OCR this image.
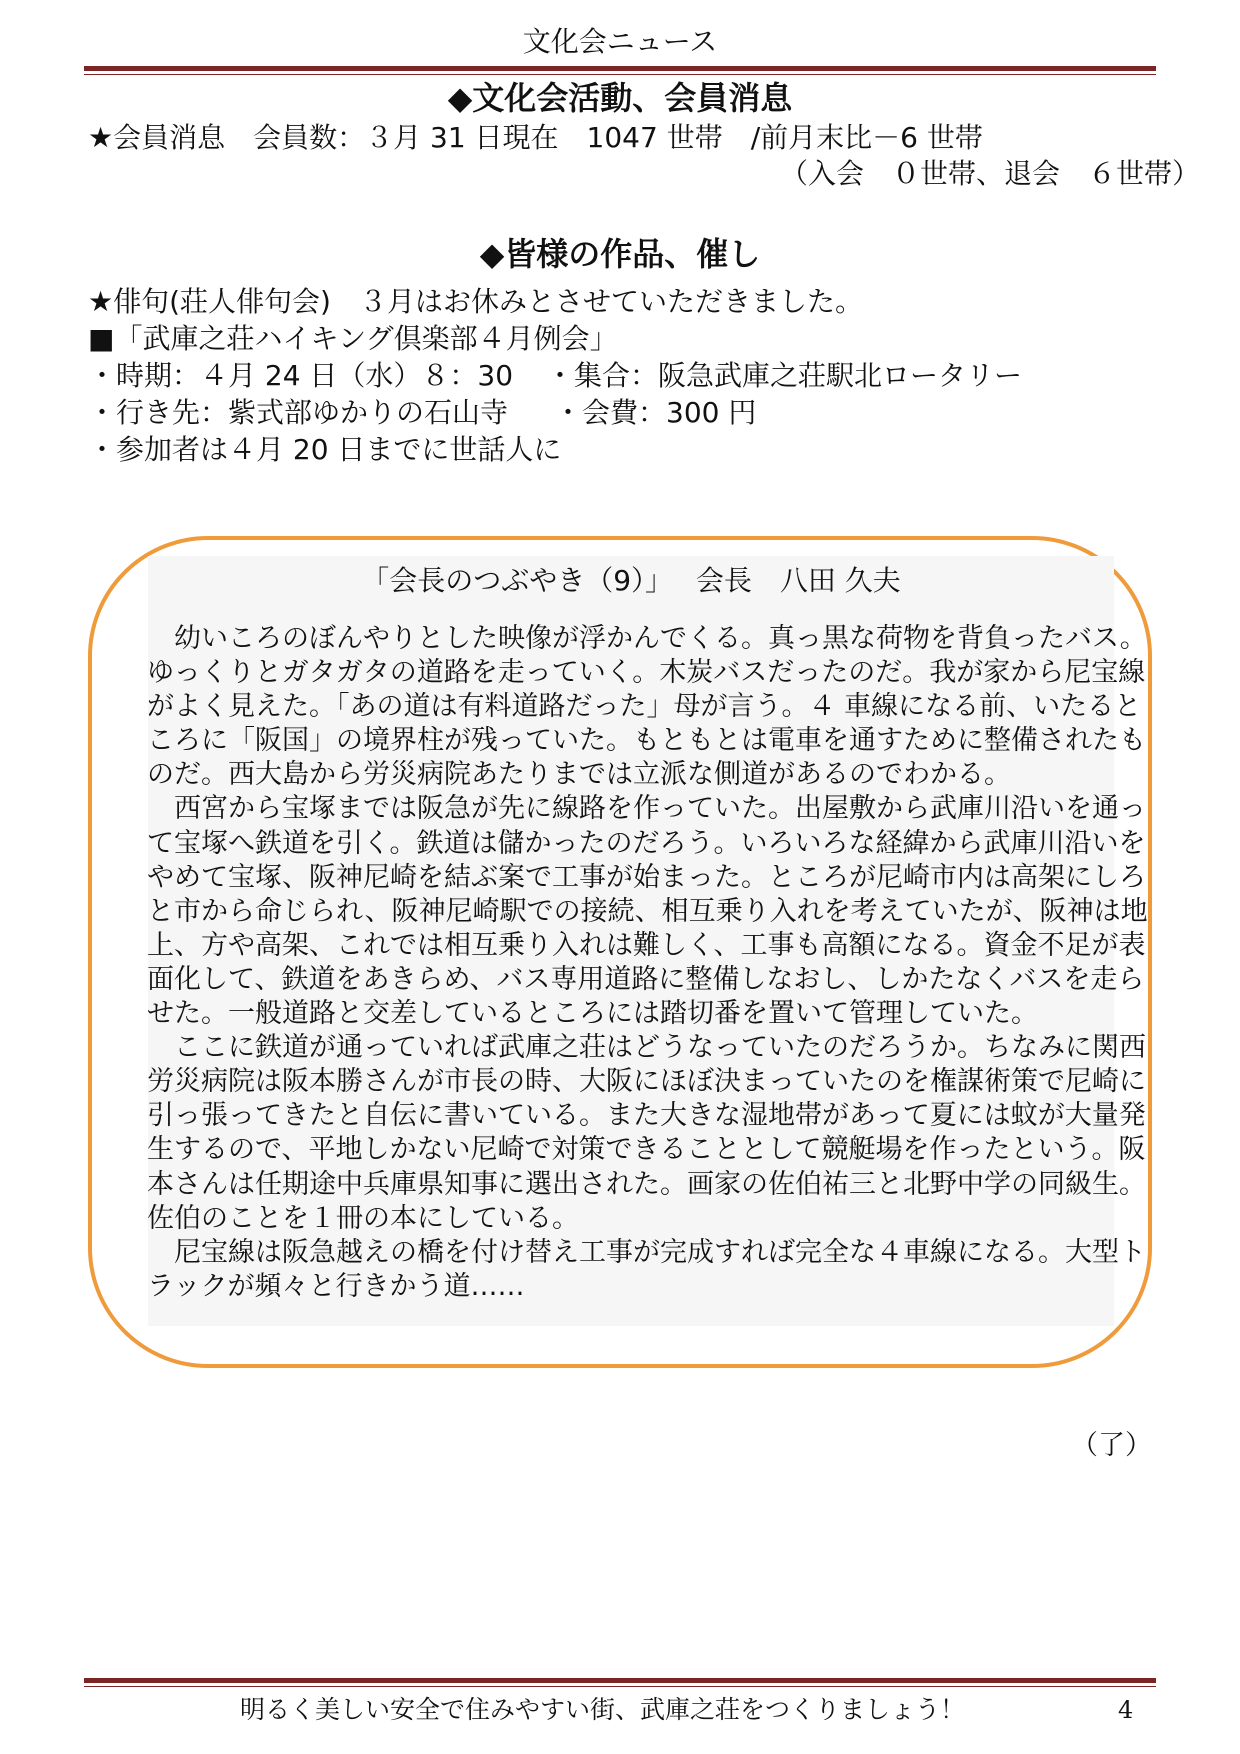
文化会ニュース
◆文化会活動、会員消息
★会員消息　会員数：３月 31 日現在　1047 世帯　/前月末比－6 世帯
（入会　０世帯、退会　６世帯）
◆皆様の作品、催し
★俳句(荘人俳句会)　３月はお休みとさせていただきました。
■「武庫之荘ハイキング倶楽部４月例会」
・時期：４月 24 日（水）８：30 ・集合：阪急武庫之荘駅北ロータリー
・行き先：紫式部ゆかりの石山寺 ・会費：300 円
・参加者は４月 20 日までに世話人に
「会長のつぶやき（9）」　 会長　八田 久夫

　幼いころのぼんやりとした映像が浮かんでくる。真っ黒な荷物を背負ったバス。

ゆっくりとガタガタの道路を走っていく。木炭バスだったのだ。我が家から尼宝線

がよく見えた。「あの道は有料道路だった」母が言う。４ 車線になる前、いたると

ころに「阪国」の境界柱が残っていた。もともとは電車を通すために整備されたも

のだ。西大島から労災病院あたりまでは立派な側道があるのでわかる。

　西宮から宝塚までは阪急が先に線路を作っていた。出屋敷から武庫川沿いを通っ

て宝塚へ鉄道を引く。鉄道は儲かったのだろう。いろいろな経緯から武庫川沿いを

やめて宝塚、阪神尼崎を結ぶ案で工事が始まった。ところが尼崎市内は高架にしろ

と市から命じられ、阪神尼崎駅での接続、相互乗り入れを考えていたが、阪神は地

上、方や高架、これでは相互乗り入れは難しく、工事も高額になる。資金不足が表

面化して、鉄道をあきらめ、バス専用道路に整備しなおし、しかたなくバスを走ら

せた。一般道路と交差しているところには踏切番を置いて管理していた。

　ここに鉄道が通っていれば武庫之荘はどうなっていたのだろうか。ちなみに関西

労災病院は阪本勝さんが市長の時、大阪にほぼ決まっていたのを権謀術策で尼崎に

引っ張ってきたと自伝に書いている。また大きな湿地帯があって夏には蚊が大量発

生するので、平地しかない尼崎で対策できることとして競艇場を作ったという。阪

本さんは任期途中兵庫県知事に選出された。画家の佐伯祐三と北野中学の同級生。

佐伯のことを１冊の本にしている。

　尼宝線は阪急越えの橋を付け替え工事が完成すれば完全な４車線になる。大型ト

ラックが頻々と行きかう道……

（了）
明るく美しい安全で住みやすい街、武庫之荘をつくりましょう！	4
